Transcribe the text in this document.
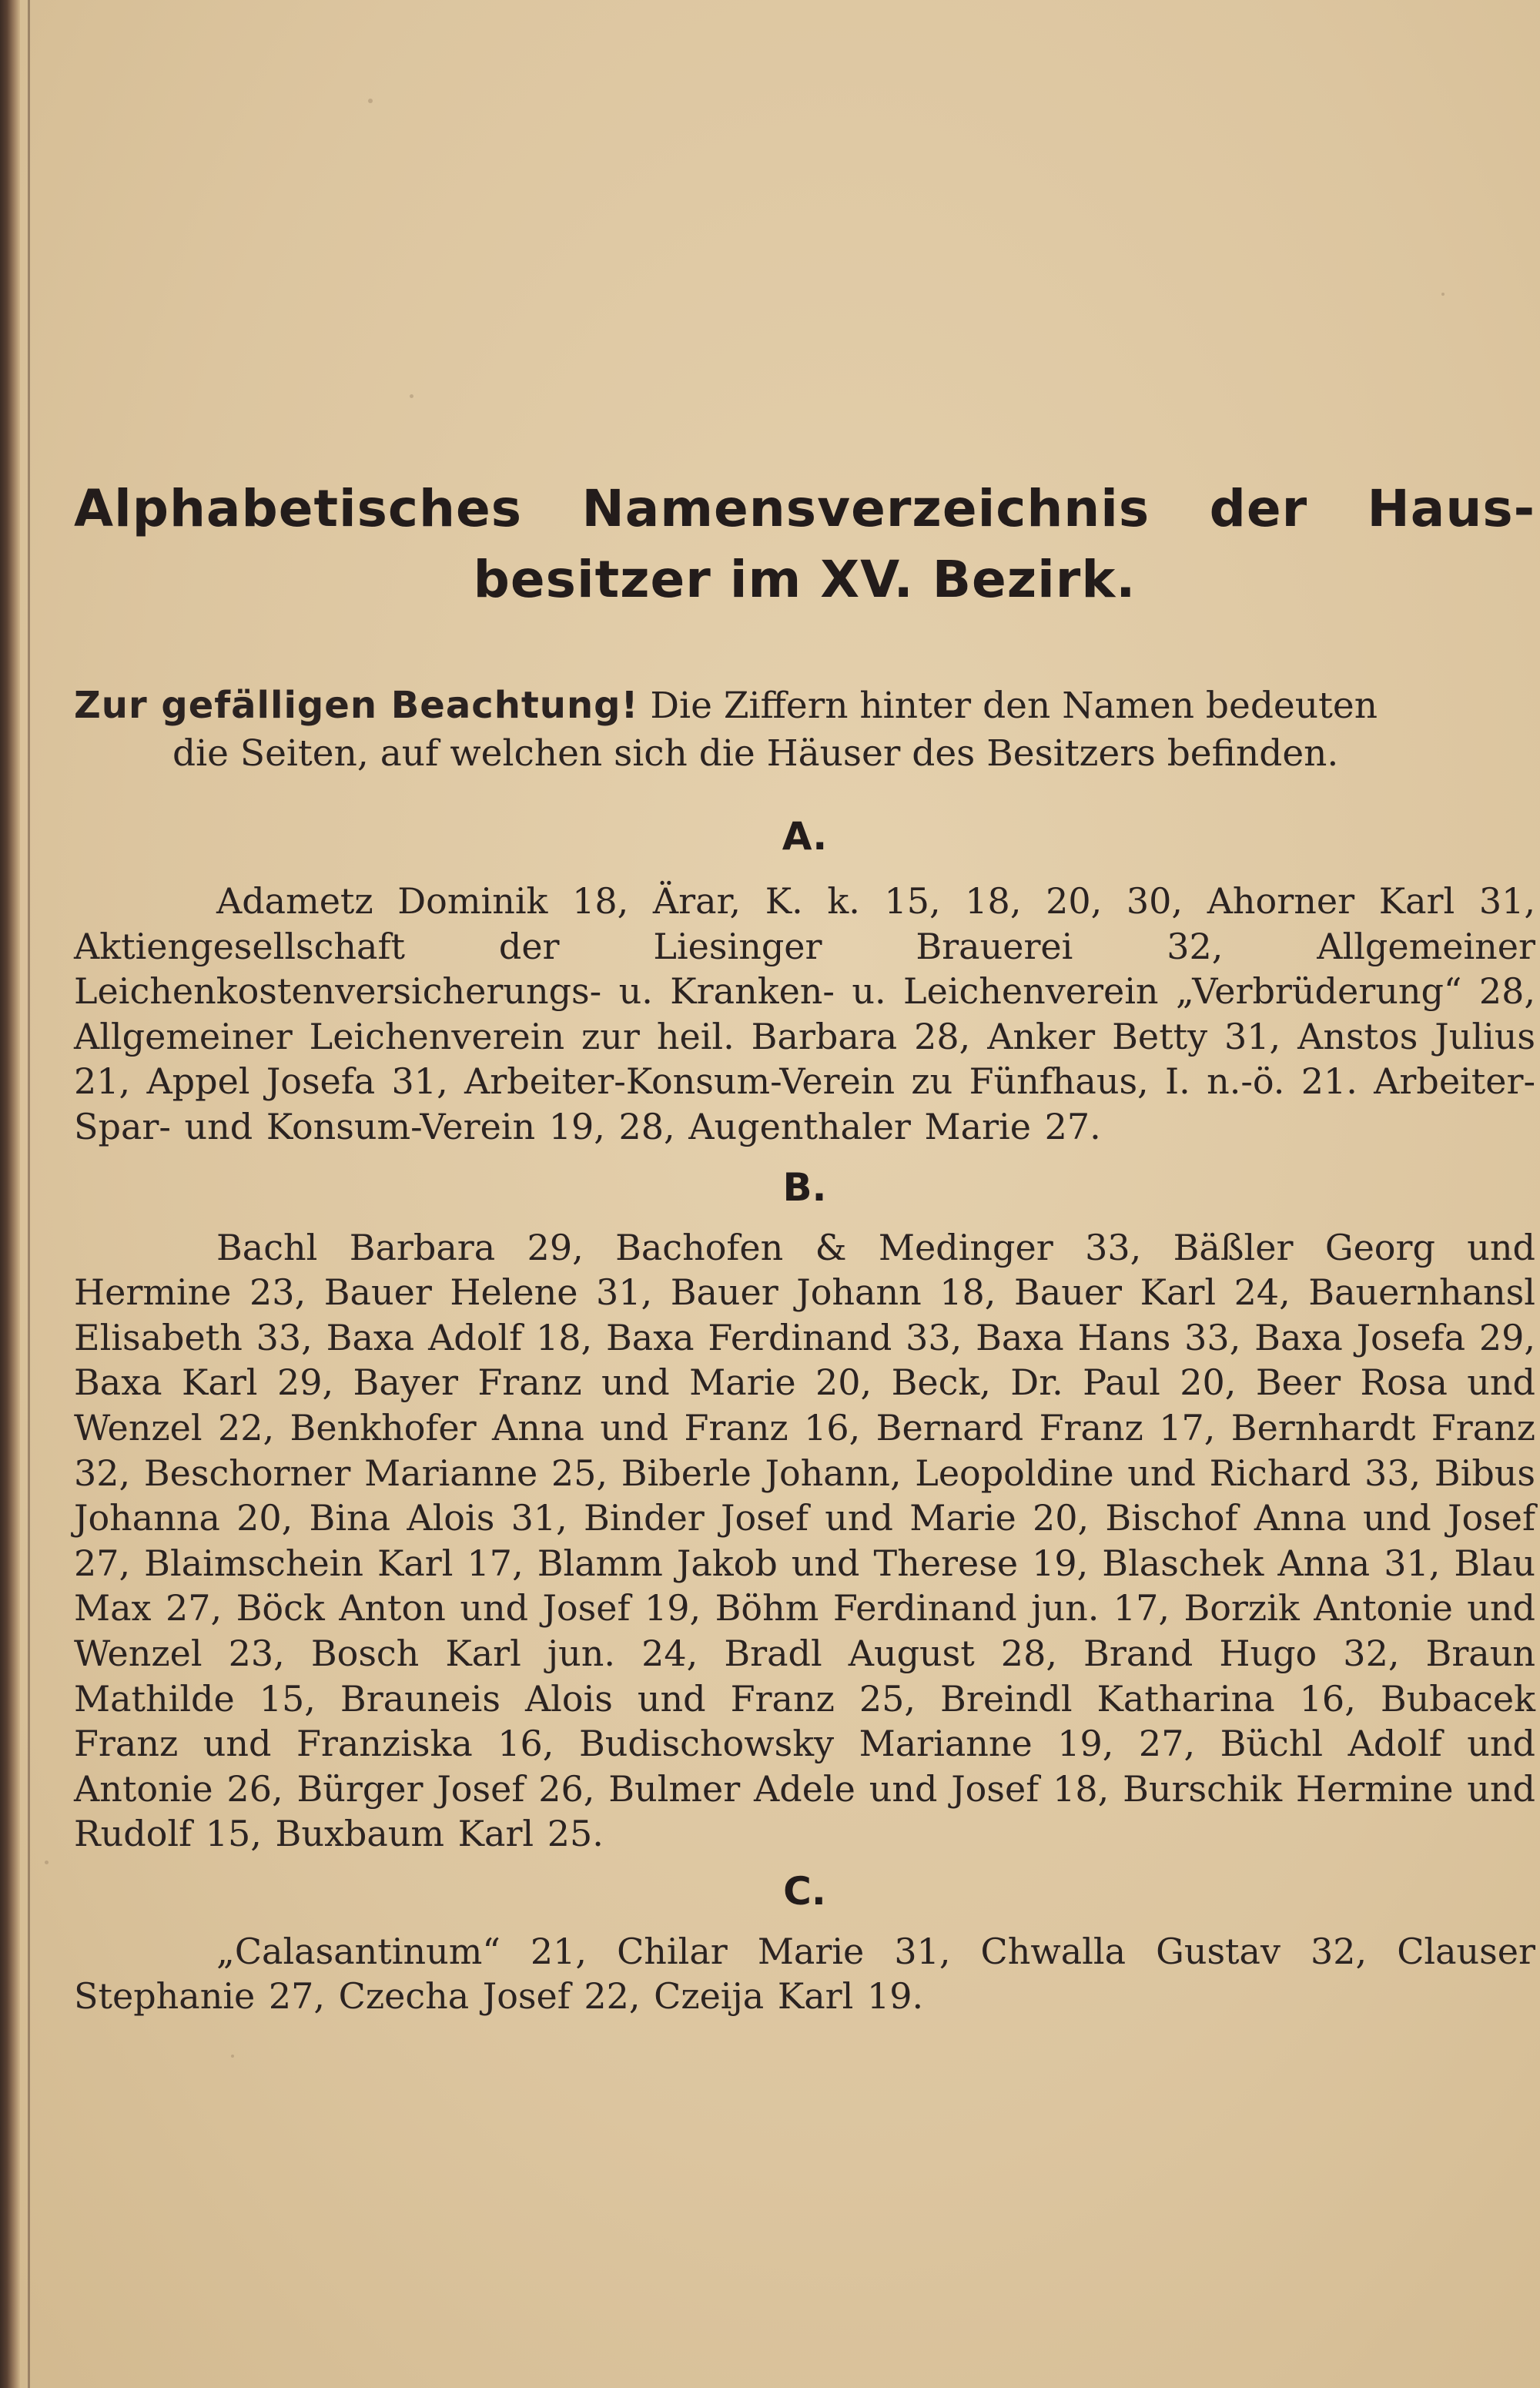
Alphabetisches Namensverzeichnis der Haus-
besitzer im XV. Bezirk.

Zur gefälligen Beachtung! Die Ziffern hinter den Namen bedeuten
die Seiten, auf welchen sich die Häuser des Besitzers befinden.

A.

Adametz Dominik 18, Ärar, K. k. 15, 18, 20, 30, Ahorner Karl 31, Aktiengesellschaft der Liesinger Brauerei 32, Allgemeiner Leichenkostenversicherungs- u. Kranken- u. Leichenverein „Verbrüderung“ 28, Allgemeiner Leichenverein zur heil. Barbara 28, Anker Betty 31, Anstos Julius 21, Appel Josefa 31, Arbeiter-Konsum-Verein zu Fünfhaus, I. n.-ö. 21. Arbeiter-Spar- und Konsum-Verein 19, 28, Augenthaler Marie 27.

B.

Bachl Barbara 29, Bachofen & Medinger 33, Bäßler Georg und Hermine 23, Bauer Helene 31, Bauer Johann 18, Bauer Karl 24, Bauernhansl Elisabeth 33, Baxa Adolf 18, Baxa Ferdinand 33, Baxa Hans 33, Baxa Josefa 29, Baxa Karl 29, Bayer Franz und Marie 20, Beck, Dr. Paul 20, Beer Rosa und Wenzel 22, Benkhofer Anna und Franz 16, Bernard Franz 17, Bernhardt Franz 32, Beschorner Marianne 25, Biberle Johann, Leopoldine und Richard 33, Bibus Johanna 20, Bina Alois 31, Binder Josef und Marie 20, Bischof Anna und Josef 27, Blaimschein Karl 17, Blamm Jakob und Therese 19, Blaschek Anna 31, Blau Max 27, Böck Anton und Josef 19, Böhm Ferdinand jun. 17, Borzik Antonie und Wenzel 23, Bosch Karl jun. 24, Bradl August 28, Brand Hugo 32, Braun Mathilde 15, Brauneis Alois und Franz 25, Breindl Katharina 16, Bubacek Franz und Franziska 16, Budischowsky Marianne 19, 27, Büchl Adolf und Antonie 26, Bürger Josef 26, Bulmer Adele und Josef 18, Burschik Hermine und Rudolf 15, Buxbaum Karl 25.

C.

„Calasantinum“ 21, Chilar Marie 31, Chwalla Gustav 32, Clauser Stephanie 27, Czecha Josef 22, Czeija Karl 19.
